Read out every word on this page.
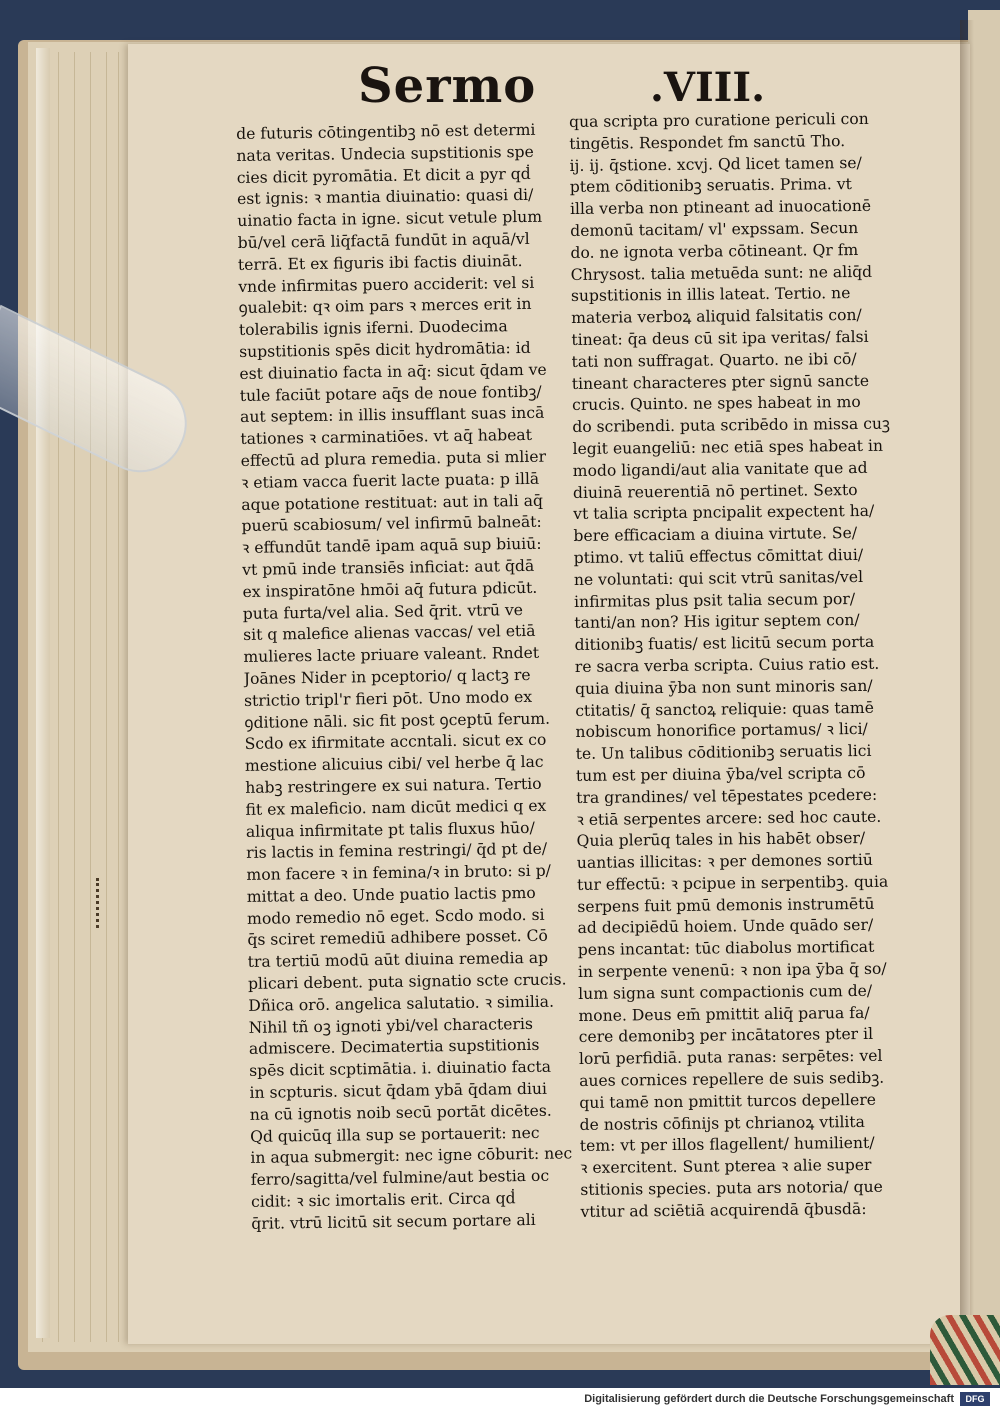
Sermo	.VIII.
de futuris cōtingentibꝫ nō est determi
nata veritas. Undecia supstitionis spe
cies dicit pyromātia. Et dicit a pyr qḋ
est ignis: ꝛ mantia diuinatio: quasi di/
uinatio facta in igne. sicut vetule plum
bū/vel cerā liq̄factā fundūt in aquā/vl
terrā. Et ex figuris ibi factis diuināt.
vnde infirmitas puero acciderit: vel si
ꝯualebit: qꝛ oim pars ꝛ merces erit in
tolerabilis ignis iferni. Duodecima
supstitionis spēs dicit hydromātia: id
est diuinatio facta in aq̄: sicut q̄dam ve
tule faciūt potare aq̄s de noue fontibꝫ/
aut septem: in illis insufflant suas incā
tationes ꝛ carminatiōes. vt aq̄ habeat
effectū ad plura remedia. puta si mlier
ꝛ etiam vacca fuerit lacte puata: p illā
aque potatione restituat: aut in tali aq̄
puerū scabiosum/ vel infirmū balneāt:
ꝛ effundūt tandē ipam aquā sup biuiū:
vt pmū inde transiēs inficiat: aut q̄dā
ex inspiratōne hmōi aq̄ futura pdicūt.
puta furta/vel alia. Sed q̄rit. vtrū ve
sit q malefice alienas vaccas/ vel etiā
mulieres lacte priuare valeant. Rndet
Joānes Nider in pceptorio/ q lactꝫ re
strictio tripl'r fieri pōt. Uno modo ex
ꝯditione nāli. sic fit post ꝯceptū ferum.
Scdo ex ifirmitate accntali. sicut ex co
mestione alicuius cibi/ vel herbe q̄ lac
habꝫ restringere ex sui natura. Tertio
fit ex maleficio. nam dicūt medici q ex
aliqua infirmitate pt talis fluxus hūo/
ris lactis in femina restringi/ q̄d pt de/
mon facere ꝛ in femina/ꝛ in bruto: si p/
mittat a deo. Unde puatio lactis pmo
modo remedio nō eget. Scdo modo. si
q̄s sciret remediū adhibere posset. Cō
tra tertiū modū aūt diuina remedia ap
plicari debent. puta signatio scte crucis.
Dñica orō. angelica salutatio. ꝛ similia.
Nihil tñ oꝫ ignoti ybi/vel characteris
admiscere. Decimatertia supstitionis
spēs dicit scptimātia. i. diuinatio facta
in scpturis. sicut q̄dam ybā q̄dam diui
na cū ignotis noib secū portāt dicētes.
Qd quicūq illa sup se portauerit: nec
in aqua submergit: nec igne cōburit: nec
ferro/sagitta/vel fulmine/aut bestia oc
cidit: ꝛ sic imortalis erit. Circa qḋ
q̄rit. vtrū licitū sit secum portare ali
qua scripta pro curatione periculi con
tingētis. Respondet fm sanctū Tho.
ij. ij. q̄stione. xcvj. Qd licet tamen se/
ptem cōditionibꝫ seruatis. Prima. vt
illa verba non ptineant ad inuocationē
demonū tacitam/ vl' expssam. Secun
do. ne ignota verba cōtineant. Qr fm
Chrysost. talia metuēda sunt: ne aliq̄d
supstitionis in illis lateat. Tertio. ne
materia verboꝝ aliquid falsitatis con/
tineat: q̄a deus cū sit ipa veritas/ falsi
tati non suffragat. Quarto. ne ibi cō/
tineant characteres pter signū sancte
crucis. Quinto. ne spes habeat in mo
do scribendi. puta scribēdo in missa cuꝫ
legit euangeliū: nec etiā spes habeat in
modo ligandi/aut alia vanitate que ad
diuinā reuerentiā nō pertinet. Sexto
vt talia scripta pncipalit expectent ha/
bere efficaciam a diuina virtute. Se/
ptimo. vt taliū effectus cōmittat diui/
ne voluntati: qui scit vtrū sanitas/vel
infirmitas plus psit talia secum por/
tanti/an non? His igitur septem con/
ditionibꝫ fuatis/ est licitū secum porta
re sacra verba scripta. Cuius ratio est.
quia diuina ȳba non sunt minoris san/
ctitatis/ q̄ sanctoꝝ reliquie: quas tamē
nobiscum honorifice portamus/ ꝛ lici/
te. Un talibus cōditionibꝫ seruatis lici
tum est per diuina ȳba/vel scripta cō
tra grandines/ vel tēpestates pcedere:
ꝛ etiā serpentes arcere: sed hoc caute.
Quia plerūq tales in his habēt obser/
uantias illicitas: ꝛ per demones sortiū
tur effectū: ꝛ pcipue in serpentibꝫ. quia
serpens fuit pmū demonis instrumētū
ad decipiēdū hoiem. Unde quādo ser/
pens incantat: tūc diabolus mortificat
in serpente venenū: ꝛ non ipa ȳba q̄ so/
lum signa sunt compactionis cum de/
mone. Deus em̄ pmittit aliq̄ parua fa/
cere demonibꝫ per incātatores pter il
lorū perfidiā. puta ranas: serpētes: vel
aues cornices repellere de suis sedibꝫ.
qui tamē non pmittit turcos depellere
de nostris cōfinijs pt chrianoꝝ vtilita
tem: vt per illos flagellent/ humilient/
ꝛ exercitent. Sunt pterea ꝛ alie super
stitionis species. puta ars notoria/ que
vtitur ad sciētiā acquirendā q̄busdā:
Digitalisierung gefördert durch die Deutsche Forschungsgemeinschaft	DFG
